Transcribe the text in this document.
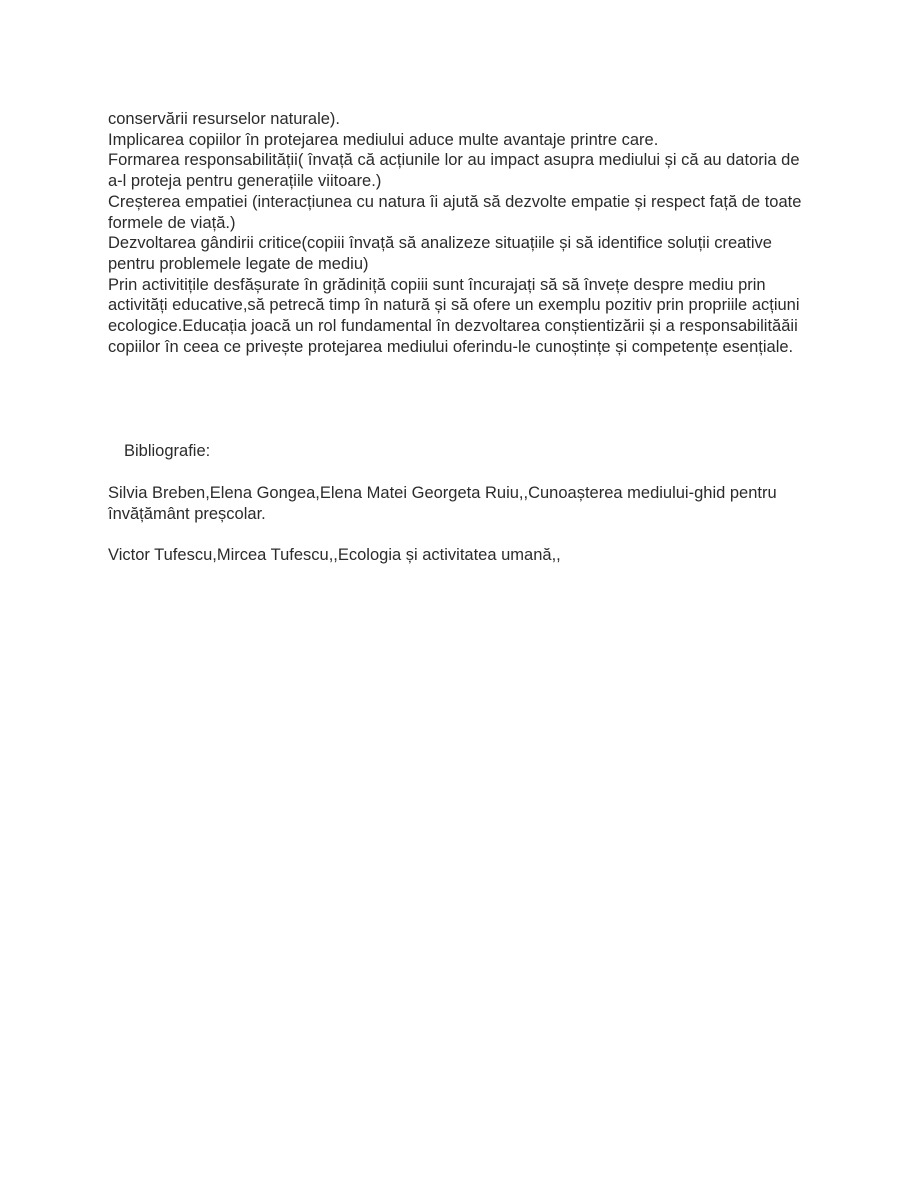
conservării resurselor naturale).

Implicarea copiilor în protejarea mediului aduce multe avantaje printre care.

Formarea responsabilității( învață că acțiunile lor au impact asupra mediului și că au datoria de a-l proteja pentru generațiile viitoare.)

Creșterea empatiei (interacțiunea cu natura îi ajută să dezvolte empatie și respect față de toate formele de viață.)

Dezvoltarea gândirii critice(copiii învață să analizeze situațiile și să identifice soluții creative pentru problemele legate de mediu)

Prin activitițile desfășurate în grădiniță copiii sunt încurajați să să învețe despre mediu prin activități educative,să petrecă timp în natură și să ofere un exemplu pozitiv prin propriile acțiuni ecologice.Educația joacă un rol fundamental în dezvoltarea conștientizării și a responsabilităăii copiilor în ceea ce privește protejarea mediului oferindu-le cunoștințe și competențe esențiale.

Bibliografie:

Silvia Breben,Elena Gongea,Elena Matei Georgeta Ruiu,,Cunoașterea mediului-ghid pentru învățământ preșcolar.

Victor Tufescu,Mircea Tufescu,,Ecologia și activitatea umană,,
